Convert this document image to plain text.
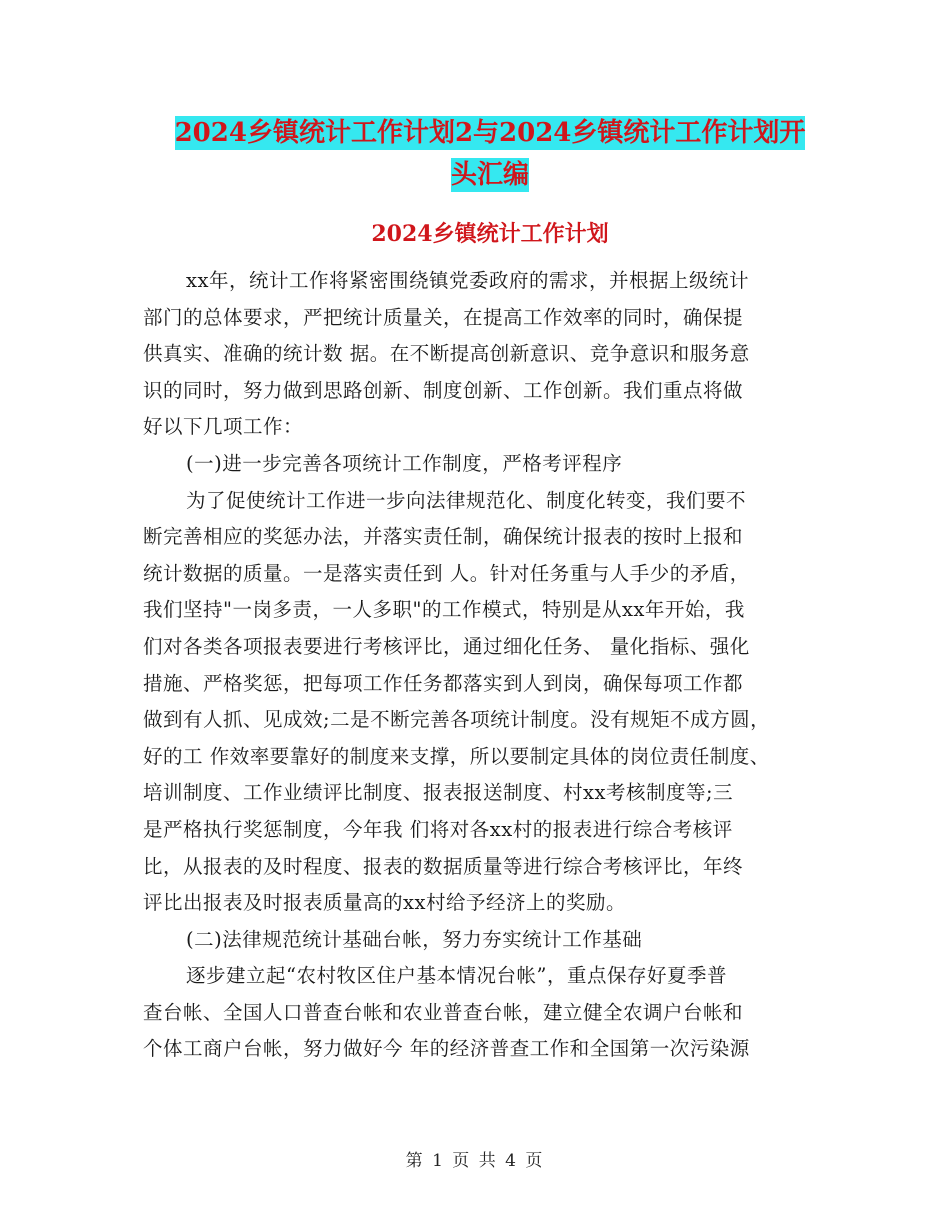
2024乡镇统计工作计划2与2024乡镇统计工作计划开
头汇编
2024乡镇统计工作计划
xx年，统计工作将紧密围绕镇党委政府的需求，并根据上级统计
部门的总体要求，严把统计质量关，在提高工作效率的同时，确保提
供真实、准确的统计数 据。在不断提高创新意识、竞争意识和服务意
识的同时，努力做到思路创新、制度创新、工作创新。我们重点将做
好以下几项工作：
(一)进一步完善各项统计工作制度，严格考评程序
为了促使统计工作进一步向法律规范化、制度化转变，我们要不
断完善相应的奖惩办法，并落实责任制，确保统计报表的按时上报和
统计数据的质量。一是落实责任到 人。针对任务重与人手少的矛盾，
我们坚持"一岗多责，一人多职"的工作模式，特别是从xx年开始，我
们对各类各项报表要进行考核评比，通过细化任务、 量化指标、强化
措施、严格奖惩，把每项工作任务都落实到人到岗，确保每项工作都
做到有人抓、见成效;二是不断完善各项统计制度。没有规矩不成方圆，
好的工 作效率要靠好的制度来支撑，所以要制定具体的岗位责任制度、
培训制度、工作业绩评比制度、报表报送制度、村xx考核制度等;三
是严格执行奖惩制度，今年我 们将对各xx村的报表进行综合考核评
比，从报表的及时程度、报表的数据质量等进行综合考核评比，年终
评比出报表及时报表质量高的xx村给予经济上的奖励。
(二)法律规范统计基础台帐，努力夯实统计工作基础
逐步建立起“农村牧区住户基本情况台帐”，重点保存好夏季普
查台帐、全国人口普查台帐和农业普查台帐，建立健全农调户台帐和
个体工商户台帐，努力做好今 年的经济普查工作和全国第一次污染源
第 1 页 共 4 页
